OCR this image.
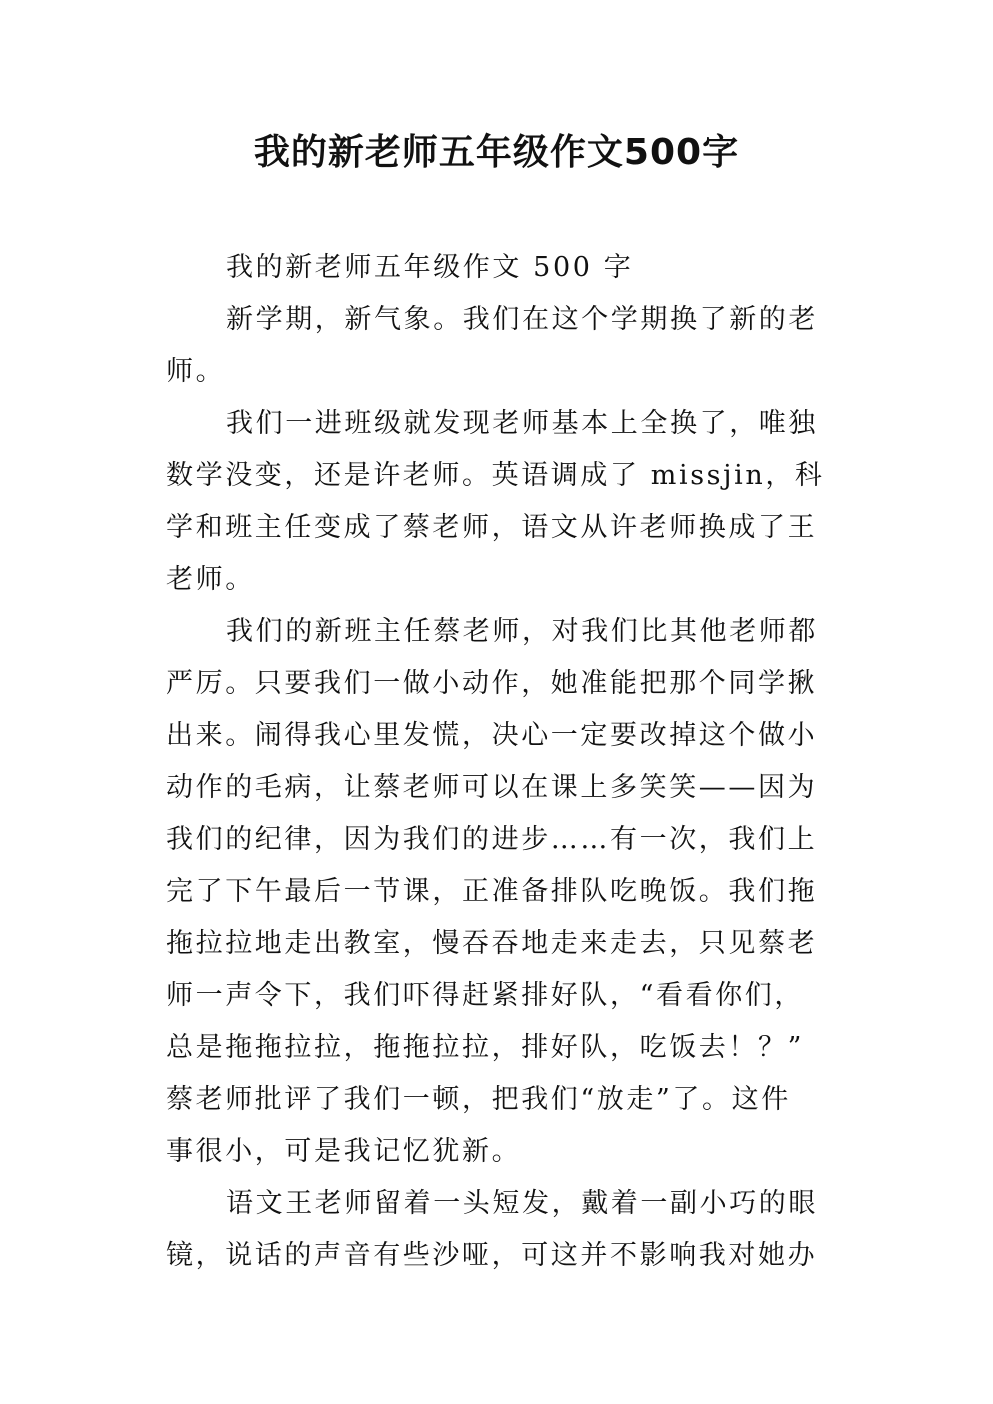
我的新老师五年级作文500字
我的新老师五年级作文 500 字
新学期，新气象。我们在这个学期换了新的老
师。
我们一进班级就发现老师基本上全换了，唯独
数学没变，还是许老师。英语调成了 missjin，科
学和班主任变成了蔡老师，语文从许老师换成了王
老师。
我们的新班主任蔡老师，对我们比其他老师都
严厉。只要我们一做小动作，她准能把那个同学揪
出来。闹得我心里发慌，决心一定要改掉这个做小
动作的毛病，让蔡老师可以在课上多笑笑——因为
我们的纪律，因为我们的进步……有一次，我们上
完了下午最后一节课，正准备排队吃晚饭。我们拖
拖拉拉地走出教室，慢吞吞地走来走去，只见蔡老
师一声令下，我们吓得赶紧排好队，“看看你们，
总是拖拖拉拉，拖拖拉拉，排好队，吃饭去！？”
蔡老师批评了我们一顿，把我们“放走”了。这件
事很小，可是我记忆犹新。
语文王老师留着一头短发，戴着一副小巧的眼
镜，说话的声音有些沙哑，可这并不影响我对她办
